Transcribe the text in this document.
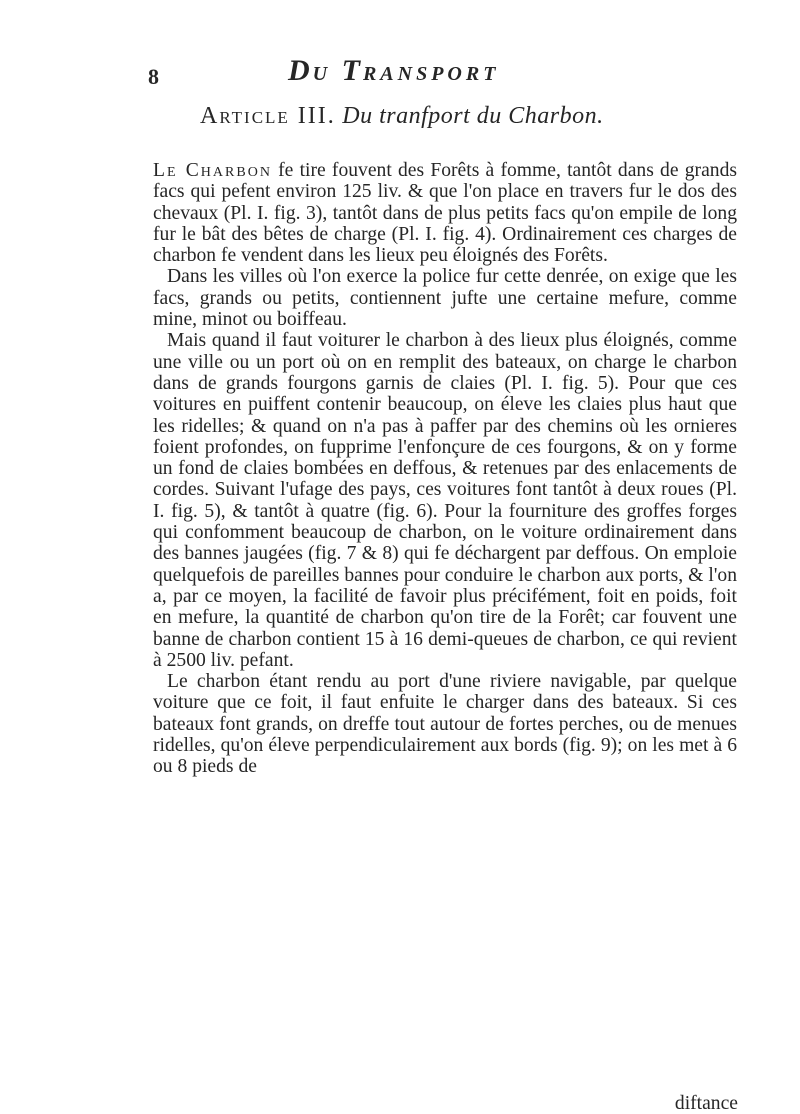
8	DU TRANSPORT
Article III. Du tranfport du Charbon.

Le Charbon fe tire fouvent des Forêts à fomme, tantôt dans de grands facs qui pefent environ 125 liv. & que l'on place en travers fur le dos des chevaux (Pl. I. fig. 3), tantôt dans de plus petits facs qu'on empile de long fur le bât des bêtes de charge (Pl. I. fig. 4). Ordinairement ces charges de charbon fe vendent dans les lieux peu éloignés des Forêts.

Dans les villes où l'on exerce la police fur cette denrée, on exige que les facs, grands ou petits, contiennent jufte une certaine mefure, comme mine, minot ou boiffeau.

Mais quand il faut voiturer le charbon à des lieux plus éloignés, comme une ville ou un port où on en remplit des bateaux, on charge le charbon dans de grands fourgons garnis de claies (Pl. I. fig. 5). Pour que ces voitures en puiffent contenir beaucoup, on éleve les claies plus haut que les ridelles; & quand on n'a pas à paffer par des chemins où les ornieres foient profondes, on fupprime l'enfonçure de ces fourgons, & on y forme un fond de claies bombées en deffous, & retenues par des enlacements de cordes. Suivant l'ufage des pays, ces voitures font tantôt à deux roues (Pl. I. fig. 5), & tantôt à quatre (fig. 6). Pour la fourniture des groffes forges qui confomment beaucoup de charbon, on le voiture ordinairement dans des bannes jaugées (fig. 7 & 8) qui fe déchargent par deffous. On emploie quelquefois de pareilles bannes pour conduire le charbon aux ports, & l'on a, par ce moyen, la facilité de favoir plus précifément, foit en poids, foit en mefure, la quantité de charbon qu'on tire de la Forêt; car fouvent une banne de charbon contient 15 à 16 demi-queues de charbon, ce qui revient à 2500 liv. pefant.

Le charbon étant rendu au port d'une riviere navigable, par quelque voiture que ce foit, il faut enfuite le charger dans des bateaux. Si ces bateaux font grands, on dreffe tout autour de fortes perches, ou de menues ridelles, qu'on éleve perpendiculairement aux bords (fig. 9); on les met à 6 ou 8 pieds de

diftance
